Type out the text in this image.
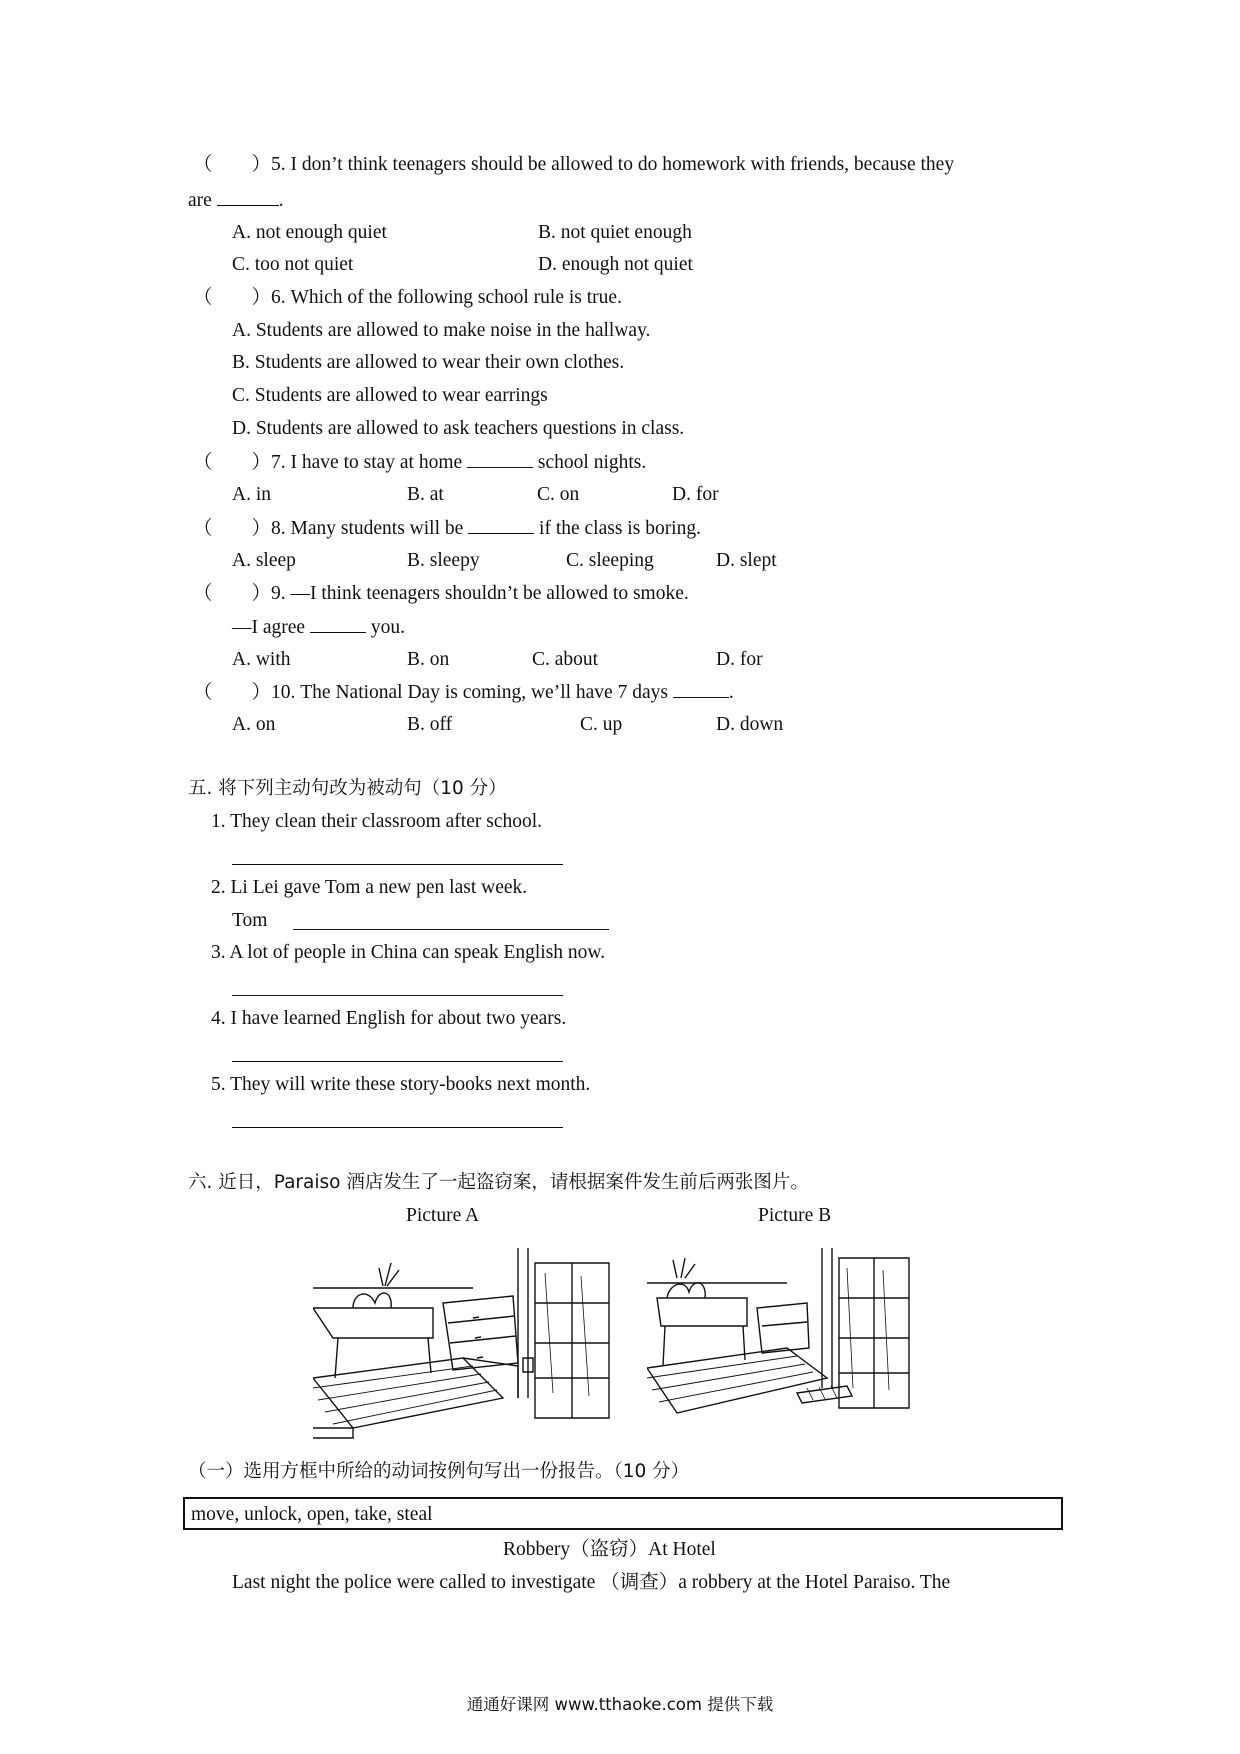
（　　）5. I don’t think teenagers should be allowed to do homework with friends, because they
are	.
A. not enough quiet	B. not quiet enough
C. too not quiet	D. enough not quiet
（　　）6. Which of the following school rule is true.
A. Students are allowed to make noise in the hallway.
B. Students are allowed to wear their own clothes.
C. Students are allowed to wear earrings
D. Students are allowed to ask teachers questions in class.
（　　）7. I have to stay at home	school nights.
A. in	B. at	C. on	D. for
（　　）8. Many students will be	if the class is boring.
A. sleep	B. sleepy	C. sleeping	D. slept
（　　）9. —I think teenagers shouldn’t be allowed to smoke.
—I agree	you.
A. with	B. on	C. about	D. for
（　　）10. The National Day is coming, we’ll have 7 days	.
A. on	B. off	C. up	D. down
五. 将下列主动句改为被动句（10 分）
1. They clean their classroom after school.
2. Li Lei gave Tom a new pen last week.
Tom
3. A lot of people in China can speak English now.
4. I have learned English for about two years.
5. They will write these story-books next month.
六. 近日，Paraiso 酒店发生了一起盗窃案，请根据案件发生前后两张图片。
Picture A	Picture B
（一）选用方框中所给的动词按例句写出一份报告。（10 分）
move, unlock, open, take, steal
Robbery（盗窃）At Hotel
Last night the police were called to investigate （调查）a robbery at the Hotel Paraiso. The
通通好课网 www.tthaoke.com 提供下载
